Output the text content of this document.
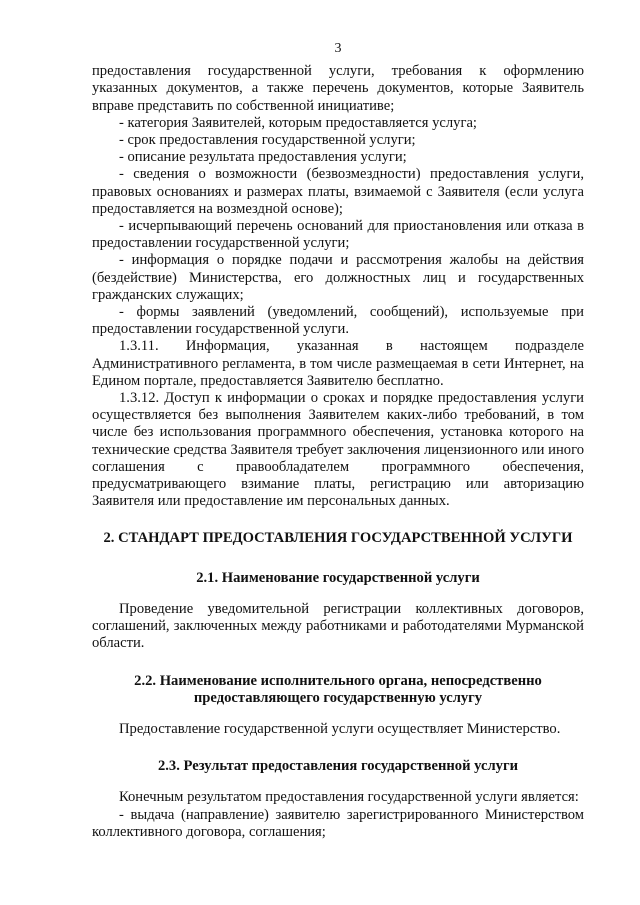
3

предоставления государственной услуги, требования к оформлению указанных документов, а также перечень документов, которые Заявитель вправе представить по собственной инициативе;

- категория Заявителей, которым предоставляется услуга;

- срок предоставления государственной услуги;

- описание результата предоставления услуги;

- сведения о возможности (безвозмездности) предоставления услуги, правовых основаниях и размерах платы, взимаемой с Заявителя (если услуга предоставляется на возмездной основе);

- исчерпывающий перечень оснований для приостановления или отказа в предоставлении государственной услуги;

- информация о порядке подачи и рассмотрения жалобы на действия (бездействие) Министерства, его должностных лиц и государственных гражданских служащих;

- формы заявлений (уведомлений, сообщений), используемые при предоставлении государственной услуги.

1.3.11. Информация, указанная в настоящем подразделе Административного регламента, в том числе размещаемая в сети Интернет, на Едином портале, предоставляется Заявителю бесплатно.

1.3.12. Доступ к информации о сроках и порядке предоставления услуги осуществляется без выполнения Заявителем каких-либо требований, в том числе без использования программного обеспечения, установка которого на технические средства Заявителя требует заключения лицензионного или иного соглашения с правообладателем программного обеспечения, предусматривающего взимание платы, регистрацию или авторизацию Заявителя или предоставление им персональных данных.

2. СТАНДАРТ ПРЕДОСТАВЛЕНИЯ ГОСУДАРСТВЕННОЙ УСЛУГИ
2.1. Наименование государственной услуги

Проведение уведомительной регистрации коллективных договоров, соглашений, заключенных между работниками и работодателями Мурманской области.

2.2. Наименование исполнительного органа, непосредственно
предоставляющего государственную услугу

Предоставление государственной услуги осуществляет Министерство.

2.3. Результат предоставления государственной услуги

Конечным результатом предоставления государственной услуги является:

- выдача (направление) заявителю зарегистрированного Министерством коллективного договора, соглашения;
